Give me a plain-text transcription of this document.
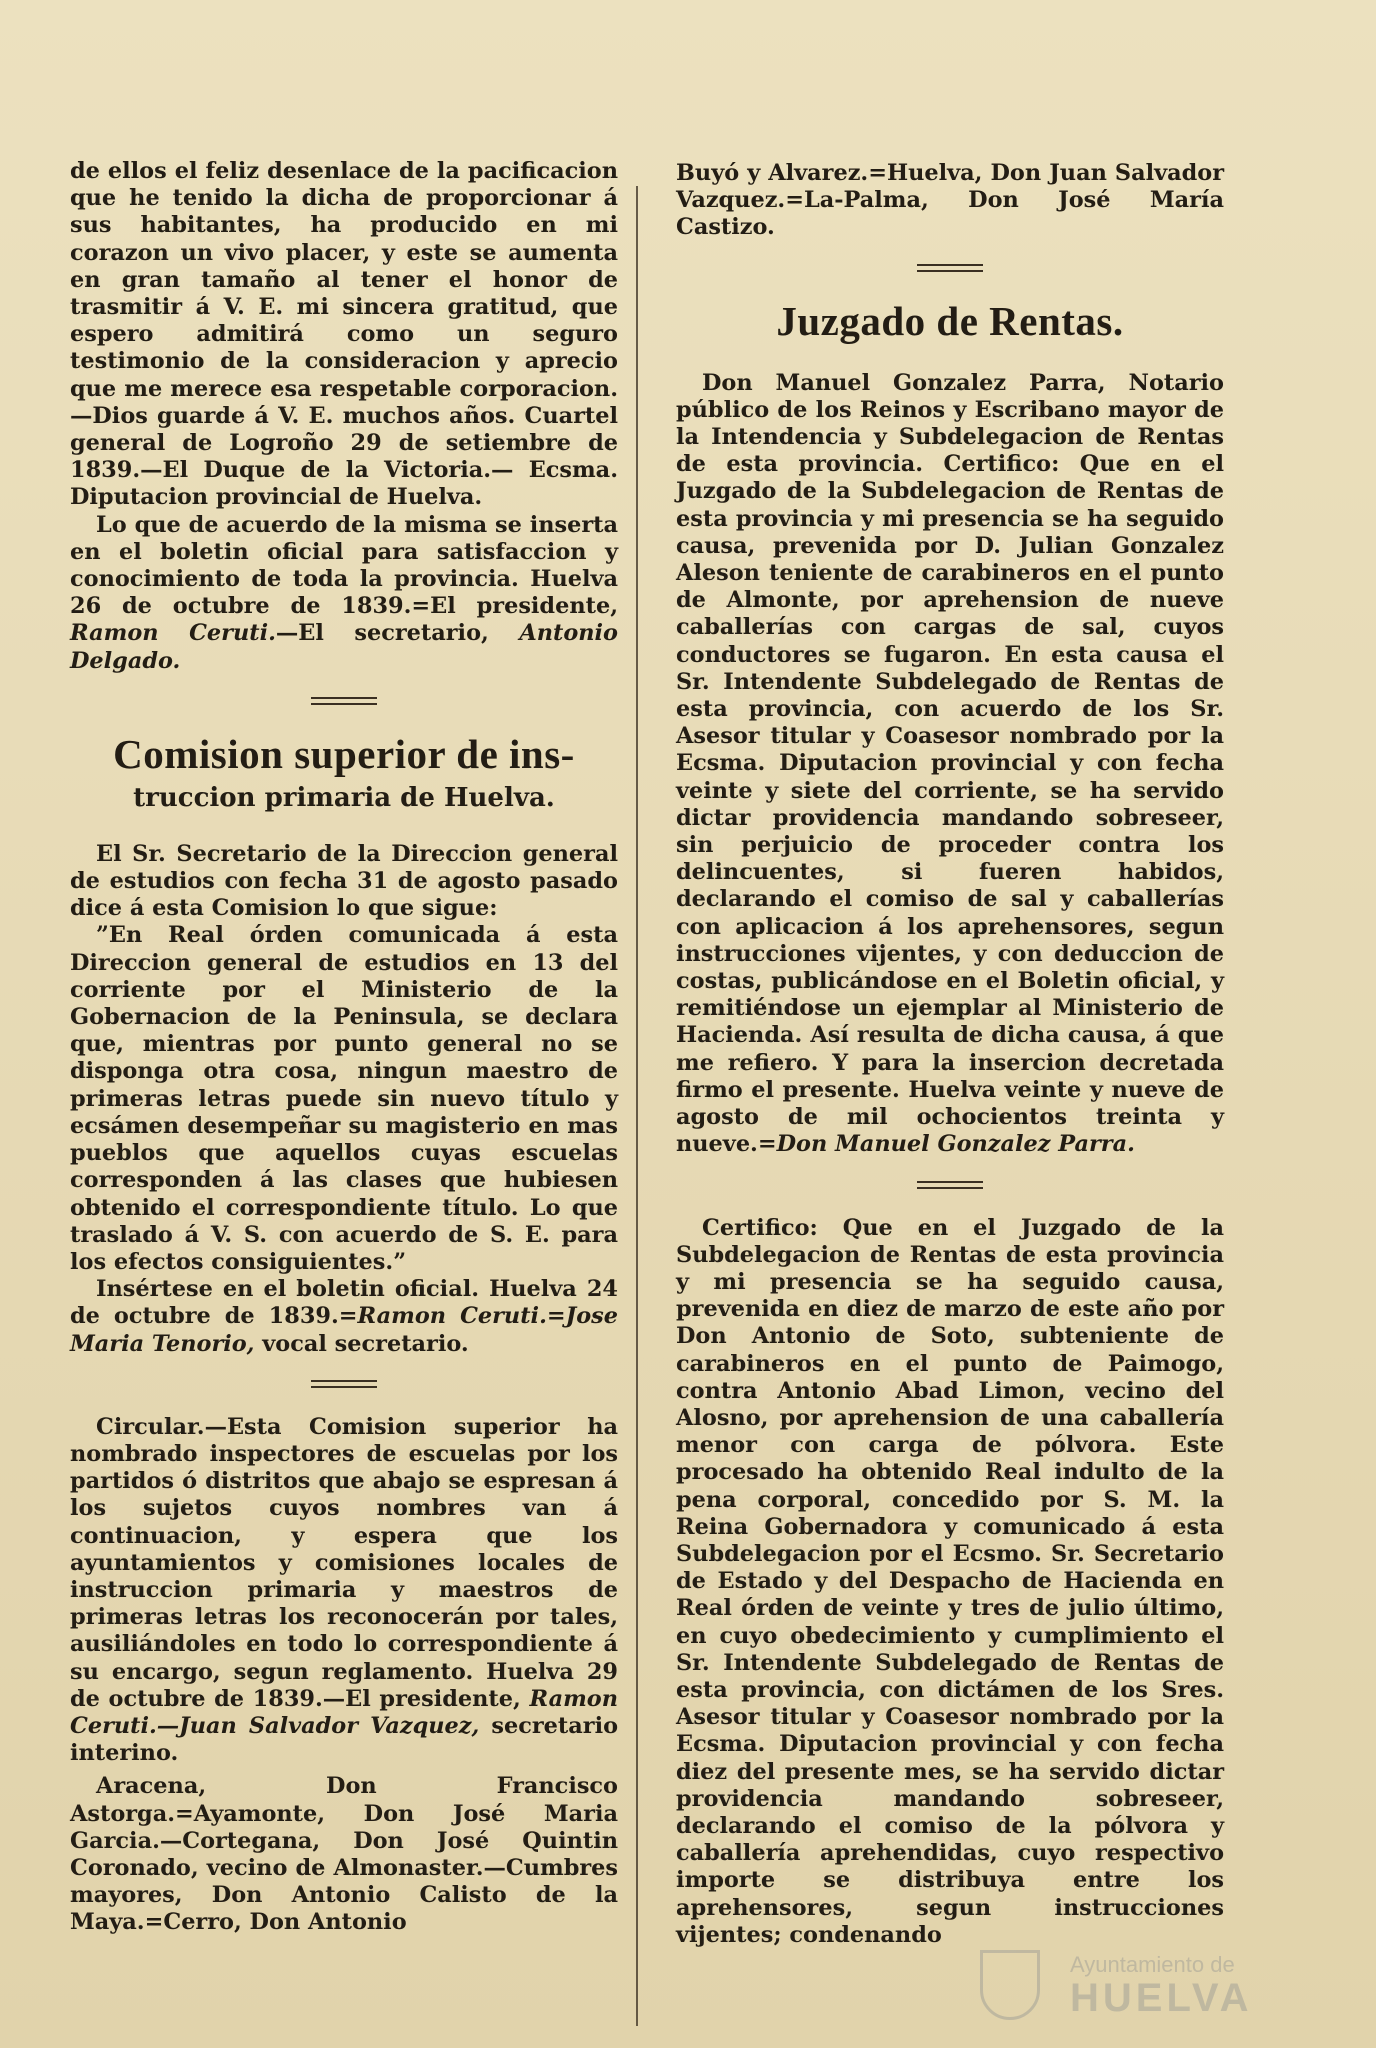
de ellos el feliz desenlace de la pacificacion que he tenido la dicha de proporcionar á sus habitantes, ha producido en mi corazon un vivo placer, y este se aumenta en gran tamaño al tener el honor de trasmitir á V. E. mi sincera gratitud, que espero admitirá como un seguro testimonio de la consideracion y aprecio que me merece esa respetable corporacion.—Dios guarde á V. E. muchos años. Cuartel general de Logroño 29 de setiembre de 1839.—El Duque de la Victoria.— Ecsma. Diputacion provincial de Huelva.

Lo que de acuerdo de la misma se inserta en el boletin oficial para satisfaccion y conocimiento de toda la provincia. Huelva 26 de octubre de 1839.=El presidente, Ramon Ceruti.—El secretario, Antonio Delgado.

Comision superior de ins-
truccion primaria de Huelva.

El Sr. Secretario de la Direccion general de estudios con fecha 31 de agosto pasado dice á esta Comision lo que sigue:

”En Real órden comunicada á esta Direccion general de estudios en 13 del corriente por el Ministerio de la Gobernacion de la Peninsula, se declara que, mientras por punto general no se disponga otra cosa, ningun maestro de primeras letras puede sin nuevo título y ecsámen desempeñar su magisterio en mas pueblos que aquellos cuyas escuelas corresponden á las clases que hubiesen obtenido el correspondiente título. Lo que traslado á V. S. con acuerdo de S. E. para los efectos consiguientes.”

Insértese en el boletin oficial. Huelva 24 de octubre de 1839.=Ramon Ceruti.=Jose Maria Tenorio, vocal secretario.

Circular.—Esta Comision superior ha nombrado inspectores de escuelas por los partidos ó distritos que abajo se espresan á los sujetos cuyos nombres van á continuacion, y espera que los ayuntamientos y comisiones locales de instruccion primaria y maestros de primeras letras los reconocerán por tales, ausiliándoles en todo lo correspondiente á su encargo, segun reglamento. Huelva 29 de octubre de 1839.—El presidente, Ramon Ceruti.—Juan Salvador Vazquez, secretario interino.

Aracena, Don Francisco Astorga.=Ayamonte, Don José Maria Garcia.—Cortegana, Don José Quintin Coronado, vecino de Almonaster.—Cumbres mayores, Don Antonio Calisto de la Maya.=Cerro, Don Antonio

Buyó y Alvarez.=Huelva, Don Juan Salvador Vazquez.=La-Palma, Don José María Castizo.

Juzgado de Rentas.

Don Manuel Gonzalez Parra, Notario público de los Reinos y Escribano mayor de la Intendencia y Subdelegacion de Rentas de esta provincia. Certifico: Que en el Juzgado de la Subdelegacion de Rentas de esta provincia y mi presencia se ha seguido causa, prevenida por D. Julian Gonzalez Aleson teniente de carabineros en el punto de Almonte, por aprehension de nueve caballerías con cargas de sal, cuyos conductores se fugaron. En esta causa el Sr. Intendente Subdelegado de Rentas de esta provincia, con acuerdo de los Sr. Asesor titular y Coasesor nombrado por la Ecsma. Diputacion provincial y con fecha veinte y siete del corriente, se ha servido dictar providencia mandando sobreseer, sin perjuicio de proceder contra los delincuentes, si fueren habidos, declarando el comiso de sal y caballerías con aplicacion á los aprehensores, segun instrucciones vijentes, y con deduccion de costas, publicándose en el Boletin oficial, y remitiéndose un ejemplar al Ministerio de Hacienda. Así resulta de dicha causa, á que me refiero. Y para la insercion decretada firmo el presente. Huelva veinte y nueve de agosto de mil ochocientos treinta y nueve.=Don Manuel Gonzalez Parra.

Certifico: Que en el Juzgado de la Subdelegacion de Rentas de esta provincia y mi presencia se ha seguido causa, prevenida en diez de marzo de este año por Don Antonio de Soto, subteniente de carabineros en el punto de Paimogo, contra Antonio Abad Limon, vecino del Alosno, por aprehension de una caballería menor con carga de pólvora. Este procesado ha obtenido Real indulto de la pena corporal, concedido por S. M. la Reina Gobernadora y comunicado á esta Subdelegacion por el Ecsmo. Sr. Secretario de Estado y del Despacho de Hacienda en Real órden de veinte y tres de julio último, en cuyo obedecimiento y cumplimiento el Sr. Intendente Subdelegado de Rentas de esta provincia, con dictámen de los Sres. Asesor titular y Coasesor nombrado por la Ecsma. Diputacion provincial y con fecha diez del presente mes, se ha servido dictar providencia mandando sobreseer, declarando el comiso de la pólvora y caballería aprehendidas, cuyo respectivo importe se distribuya entre los aprehensores, segun instrucciones vijentes; condenando

Ayuntamiento de
HUELVA
